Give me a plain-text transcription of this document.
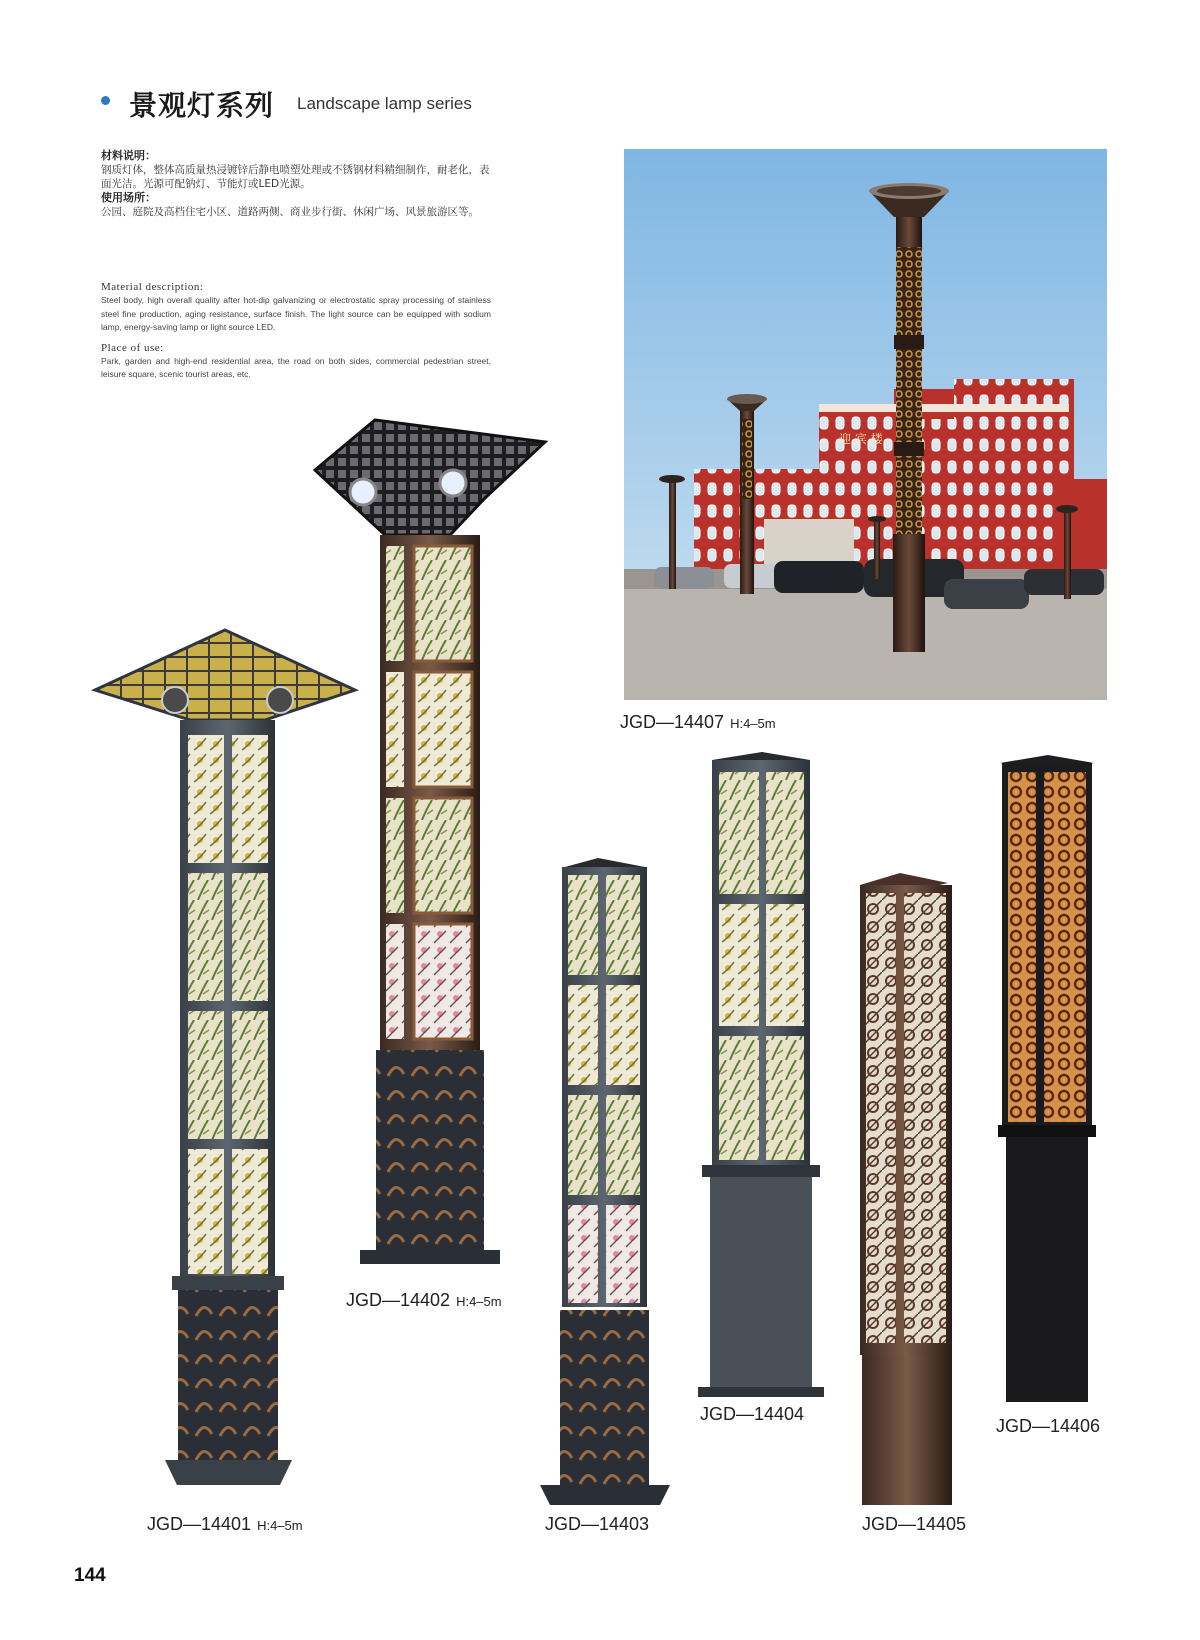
景观灯系列 Landscape lamp series
材料说明：
钢质灯体，整体高质量热浸镀锌后静电喷塑处理或不锈钢材料精细制作，耐老化，表面光洁。光源可配钠灯、节能灯或LED光源。
使用场所：
公园、庭院及高档住宅小区、道路两侧、商业步行街、休闲广场、风景旅游区等。
Material description:
Steel body, high overall quality after hot-dip galvanizing or electrostatic spray processing of stainless steel fine production, aging resistance, surface finish. The light source can be equipped with sodium lamp, energy-saving lamp or light source LED.
Place of use:
Park, garden and high-end residential area, the road on both sides, commercial pedestrian street, leisure square, scenic tourist areas, etc.
迎 宾 楼
JGD—14407 H:4–5m
JGD—14402 H:4–5m
JGD—14401 H:4–5m	JGD—14403
JGD—14404
JGD—14405
JGD—14406
144
